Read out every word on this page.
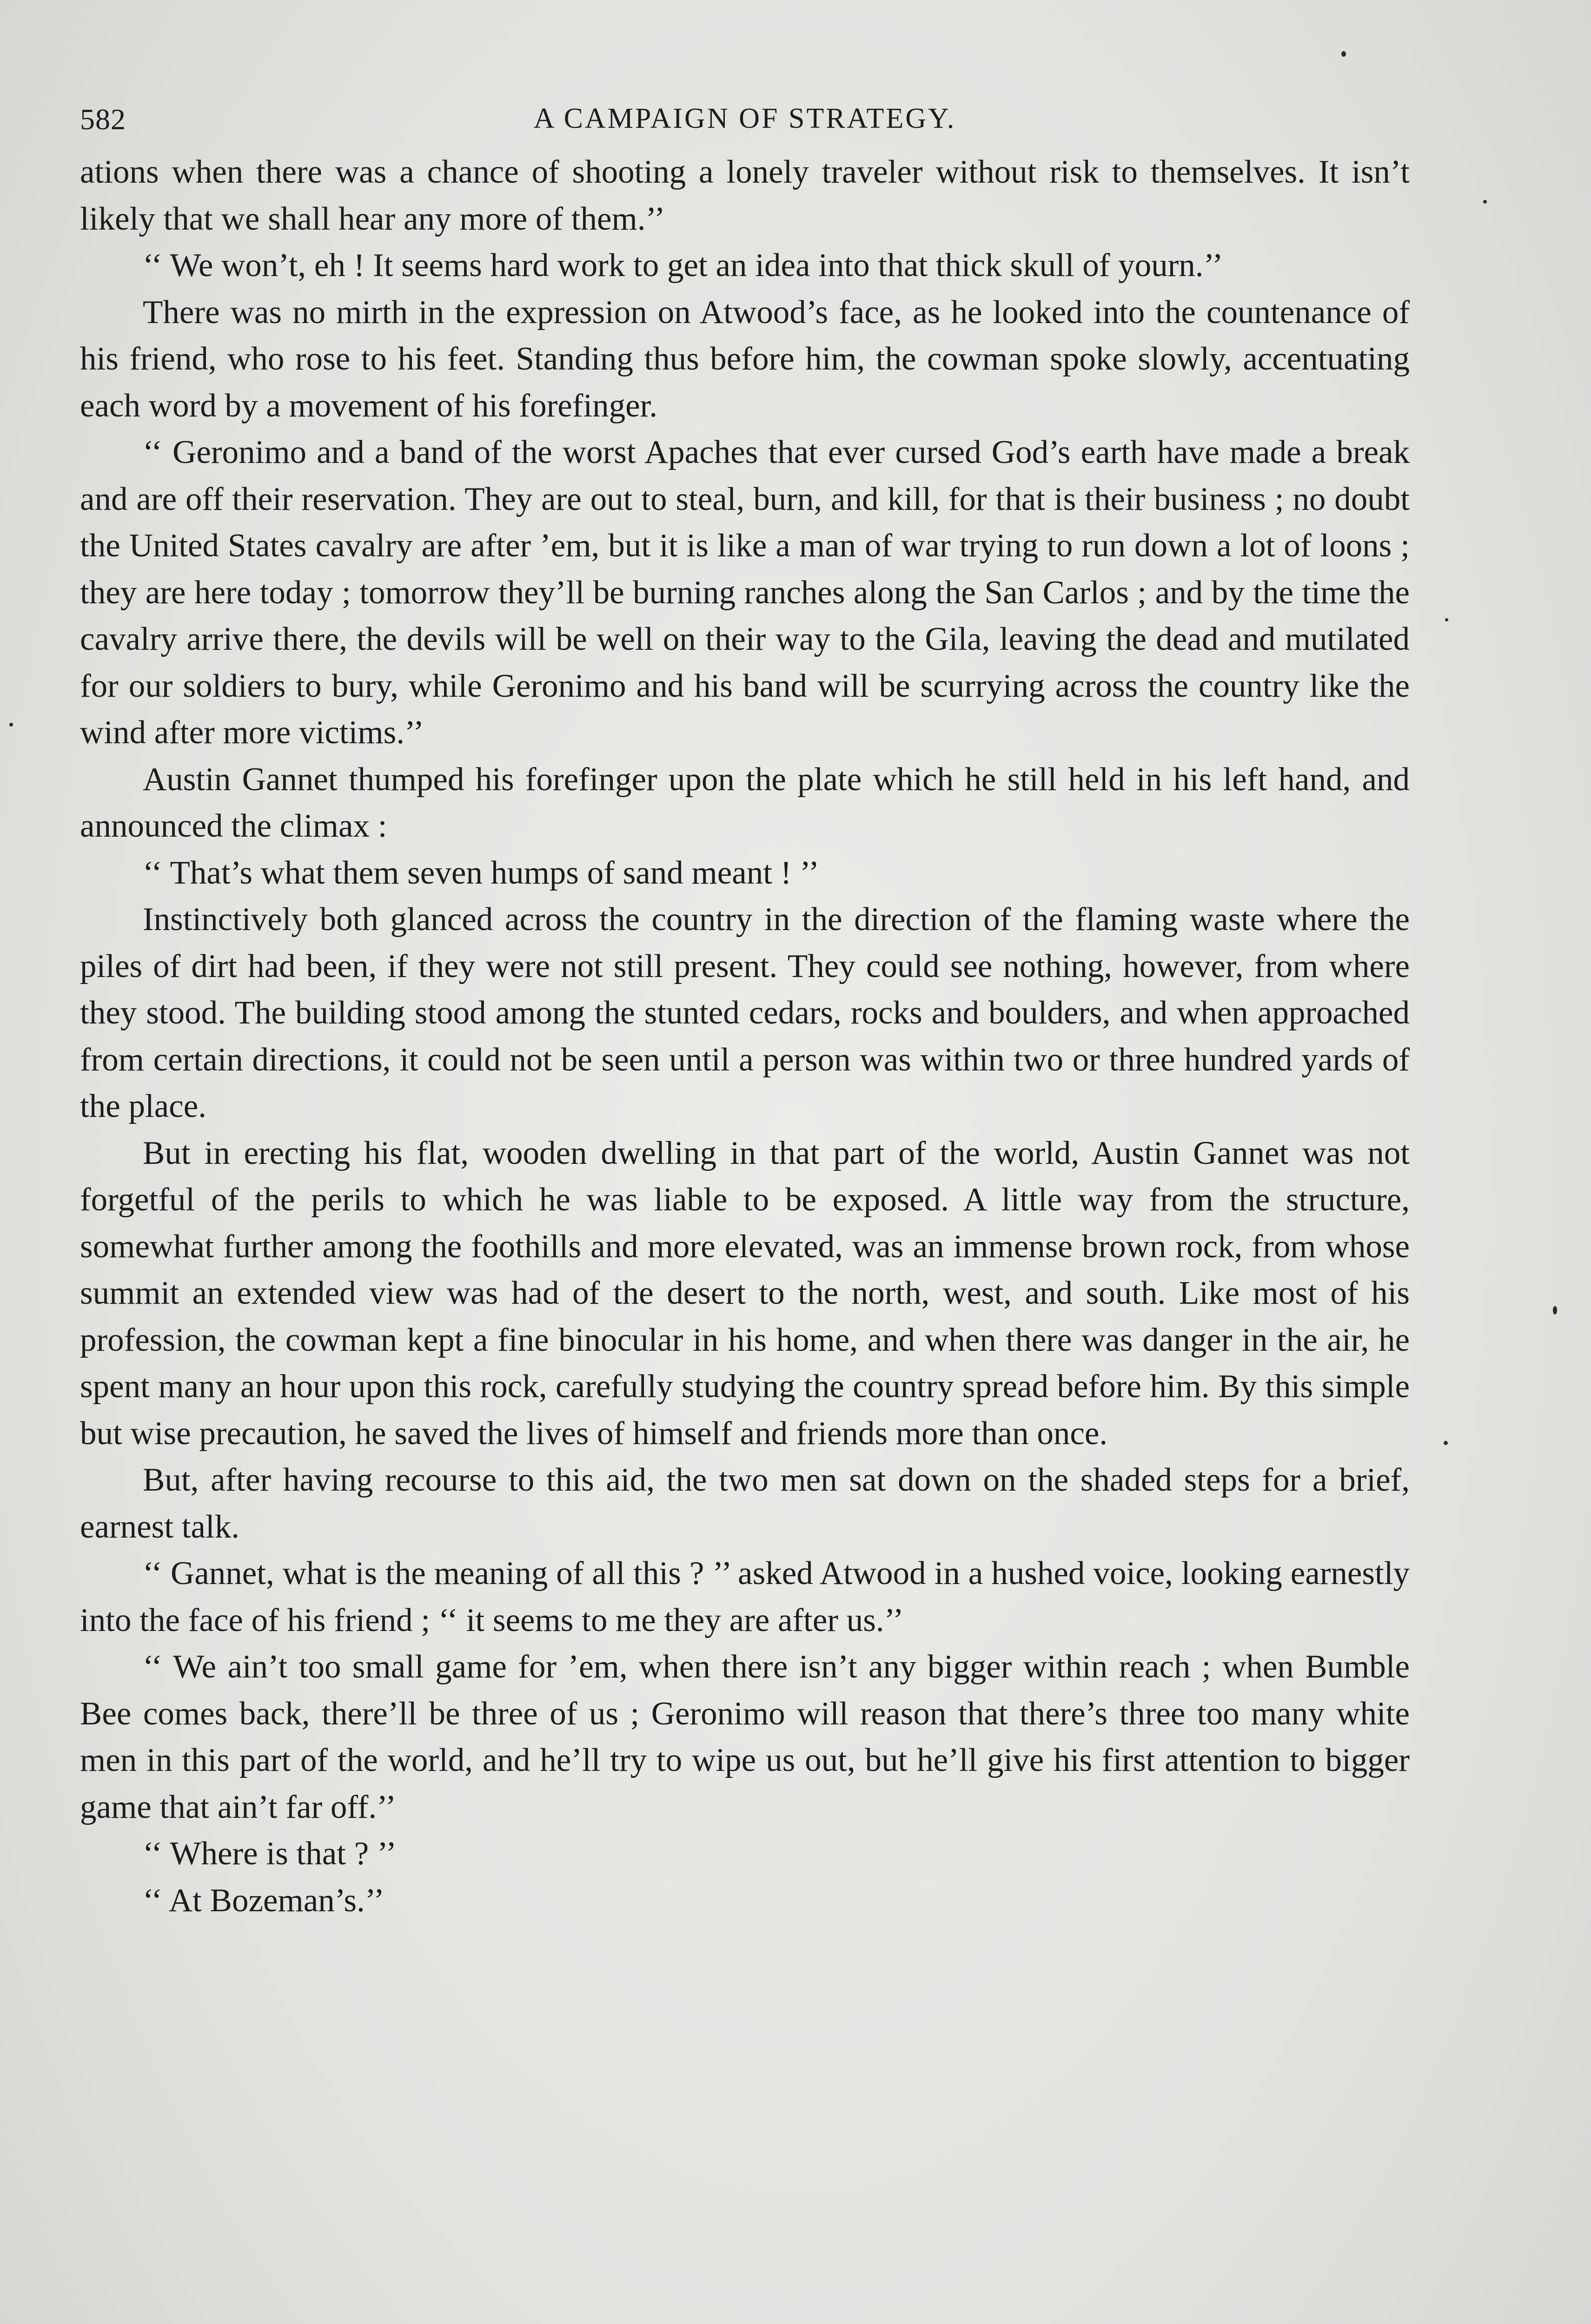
582	A CAMPAIGN OF STRATEGY.

ations when there was a chance of shooting a lonely traveler without risk to themselves. It isn’t likely that we shall hear any more of them.’’

‘‘ We won’t, eh ! It seems hard work to get an idea into that thick skull of yourn.’’

There was no mirth in the expression on Atwood’s face, as he looked into the countenance of his friend, who rose to his feet. Standing thus before him, the cowman spoke slowly, accentuating each word by a movement of his forefinger.

‘‘ Geronimo and a band of the worst Apaches that ever cursed God’s earth have made a break and are off their reservation. They are out to steal, burn, and kill, for that is their business ; no doubt the United States cavalry are after ’em, but it is like a man of war trying to run down a lot of loons ; they are here today ; tomorrow they’ll be burning ranches along the San Carlos ; and by the time the cavalry arrive there, the devils will be well on their way to the Gila, leaving the dead and mutilated for our soldiers to bury, while Geronimo and his band will be scurrying across the country like the wind after more victims.’’

Austin Gannet thumped his forefinger upon the plate which he still held in his left hand, and announced the climax :

‘‘ That’s what them seven humps of sand meant ! ’’

Instinctively both glanced across the country in the direction of the flaming waste where the piles of dirt had been, if they were not still present. They could see nothing, however, from where they stood. The building stood among the stunted cedars, rocks and boulders, and when approached from certain directions, it could not be seen until a person was within two or three hundred yards of the place.

But in erecting his flat, wooden dwelling in that part of the world, Austin Gannet was not forgetful of the perils to which he was liable to be exposed. A little way from the structure, somewhat further among the foothills and more elevated, was an immense brown rock, from whose summit an extended view was had of the desert to the north, west, and south. Like most of his profession, the cowman kept a fine binocular in his home, and when there was danger in the air, he spent many an hour upon this rock, carefully studying the country spread before him. By this simple but wise precaution, he saved the lives of himself and friends more than once.

But, after having recourse to this aid, the two men sat down on the shaded steps for a brief, earnest talk.

‘‘ Gannet, what is the meaning of all this ? ’’ asked Atwood in a hushed voice, looking earnestly into the face of his friend ; ‘‘ it seems to me they are after us.’’

‘‘ We ain’t too small game for ’em, when there isn’t any bigger within reach ; when Bumble Bee comes back, there’ll be three of us ; Geronimo will reason that there’s three too many white men in this part of the world, and he’ll try to wipe us out, but he’ll give his first attention to bigger game that ain’t far off.’’

‘‘ Where is that ? ’’

‘‘ At Bozeman’s.’’
